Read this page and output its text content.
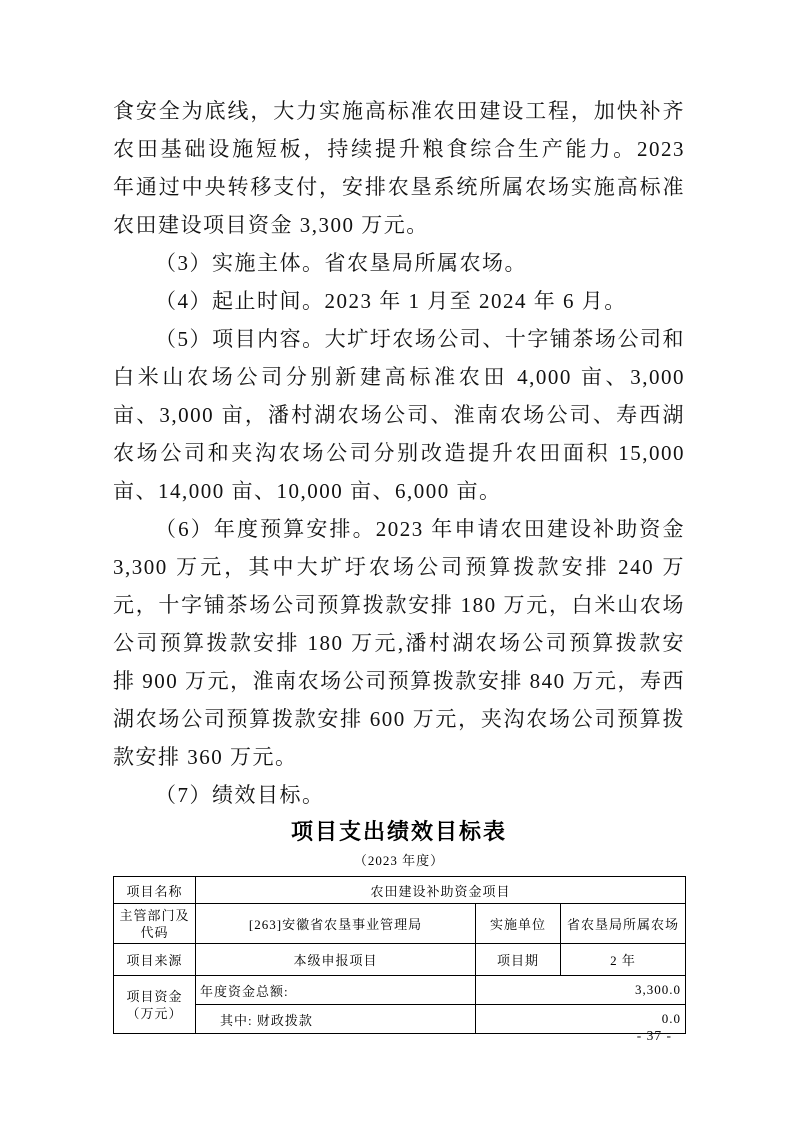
食安全为底线，大力实施高标准农田建设工程，加快补齐农田基础设施短板，持续提升粮食综合生产能力。2023 年通过中央转移支付，安排农垦系统所属农场实施高标准农田建设项目资金 3,300 万元。

（3）实施主体。省农垦局所属农场。

（4）起止时间。2023 年 1 月至 2024 年 6 月。

（5）项目内容。大圹圩农场公司、十字铺茶场公司和白米山农场公司分别新建高标准农田 4,000 亩、3,000 亩、3,000 亩，潘村湖农场公司、淮南农场公司、寿西湖农场公司和夹沟农场公司分别改造提升农田面积 15,000 亩、14,000 亩、10,000 亩、6,000 亩。

（6）年度预算安排。2023 年申请农田建设补助资金 3,300 万元，其中大圹圩农场公司预算拨款安排 240 万元，十字铺茶场公司预算拨款安排 180 万元，白米山农场公司预算拨款安排 180 万元,潘村湖农场公司预算拨款安排 900 万元，淮南农场公司预算拨款安排 840 万元，寿西湖农场公司预算拨款安排 600 万元，夹沟农场公司预算拨款安排 360 万元。

（7）绩效目标。

项目支出绩效目标表
（2023 年度）
项目名称	农田建设补助资金项目		
主管部门及
代码	[263]安徽省农垦事业管理局	实施单位	省农垦局所属农场
项目来源	本级申报项目	项目期	2 年
项目资金
（万元）	年度资金总额:	3,300.0	
	其中: 财政拨款	0.0	
- 37 -
